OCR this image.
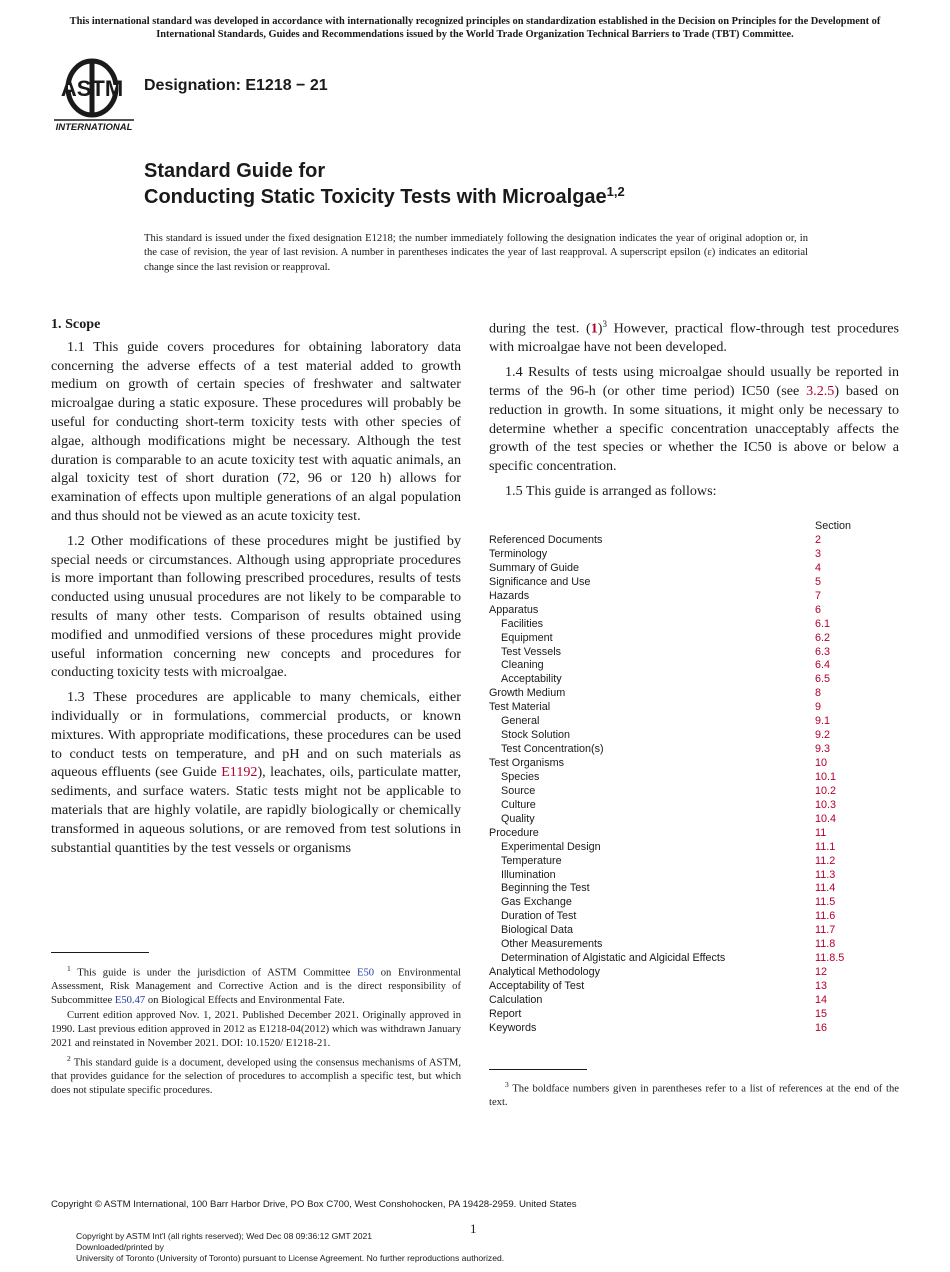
This international standard was developed in accordance with internationally recognized principles on standardization established in the Decision on Principles for the Development of International Standards, Guides and Recommendations issued by the World Trade Organization Technical Barriers to Trade (TBT) Committee.
ASTM
INTERNATIONAL
Designation: E1218 − 21
Standard Guide for
Conducting Static Toxicity Tests with Microalgae$^{1,2}$
This standard is issued under the fixed designation E1218; the number immediately following the designation indicates the year of original adoption or, in the case of revision, the year of last revision. A number in parentheses indicates the year of last reapproval. A superscript epsilon (ε) indicates an editorial change since the last revision or reapproval.
1. Scope

1.1 This guide covers procedures for obtaining laboratory data concerning the adverse effects of a test material added to growth medium on growth of certain species of freshwater and saltwater microalgae during a static exposure. These procedures will probably be useful for conducting short-term toxicity tests with other species of algae, although modifications might be necessary. Although the test duration is comparable to an acute toxicity test with aquatic animals, an algal toxicity test of short duration (72, 96 or 120 h) allows for examination of effects upon multiple generations of an algal population and thus should not be viewed as an acute toxicity test.

1.2 Other modifications of these procedures might be justified by special needs or circumstances. Although using appropriate procedures is more important than following prescribed procedures, results of tests conducted using unusual procedures are not likely to be comparable to results of many other tests. Comparison of results obtained using modified and unmodified versions of these procedures might provide useful information concerning new concepts and procedures for conducting toxicity tests with microalgae.

1.3 These procedures are applicable to many chemicals, either individually or in formulations, commercial products, or known mixtures. With appropriate modifications, these procedures can be used to conduct tests on temperature, and pH and on such materials as aqueous effluents (see Guide E1192), leachates, oils, particulate matter, sediments, and surface waters. Static tests might not be applicable to materials that are highly volatile, are rapidly biologically or chemically transformed in aqueous solutions, or are removed from test solutions in substantial quantities by the test vessels or organisms

during the test. $(1)^3$ However, practical flow-through test procedures with microalgae have not been developed.

1.4 Results of tests using microalgae should usually be reported in terms of the 96-h (or other time period) IC50 (see 3.2.5) based on reduction in growth. In some situations, it might only be necessary to determine whether a specific concentration unacceptably affects the growth of the test species or whether the IC50 is above or below a specific concentration.

1.5 This guide is arranged as follows:

Section
Referenced Documents	2
Terminology	3
Summary of Guide	4
Significance and Use	5
Hazards	7
Apparatus	6
Facilities	6.1
Equipment	6.2
Test Vessels	6.3
Cleaning	6.4
Acceptability	6.5
Growth Medium	8
Test Material	9
General	9.1
Stock Solution	9.2
Test Concentration(s)	9.3
Test Organisms	10
Species	10.1
Source	10.2
Culture	10.3
Quality	10.4
Procedure	11
Experimental Design	11.1
Temperature	11.2
Illumination	11.3
Beginning the Test	11.4
Gas Exchange	11.5
Duration of Test	11.6
Biological Data	11.7
Other Measurements	11.8
Determination of Algistatic and Algicidal Effects	11.8.5
Analytical Methodology	12
Acceptability of Test	13
Calculation	14
Report	15
Keywords	16

$^1$ This guide is under the jurisdiction of ASTM Committee E50 on Environmental Assessment, Risk Management and Corrective Action and is the direct responsibility of Subcommittee E50.47 on Biological Effects and Environmental Fate.

Current edition approved Nov. 1, 2021. Published December 2021. Originally approved in 1990. Last previous edition approved in 2012 as E1218-04(2012) which was withdrawn January 2021 and reinstated in November 2021. DOI: 10.1520/ E1218-21.

$^2$ This standard guide is a document, developed using the consensus mechanisms of ASTM, that provides guidance for the selection of procedures to accomplish a specific test, but which does not stipulate specific procedures.

$^3$ The boldface numbers given in parentheses refer to a list of references at the end of the text.

Copyright © ASTM International, 100 Barr Harbor Drive, PO Box C700, West Conshohocken, PA 19428-2959. United States
1
Copyright by ASTM Int'l (all rights reserved); Wed Dec 08 09:36:12 GMT 2021
Downloaded/printed by
University of Toronto (University of Toronto) pursuant to License Agreement. No further reproductions authorized.
